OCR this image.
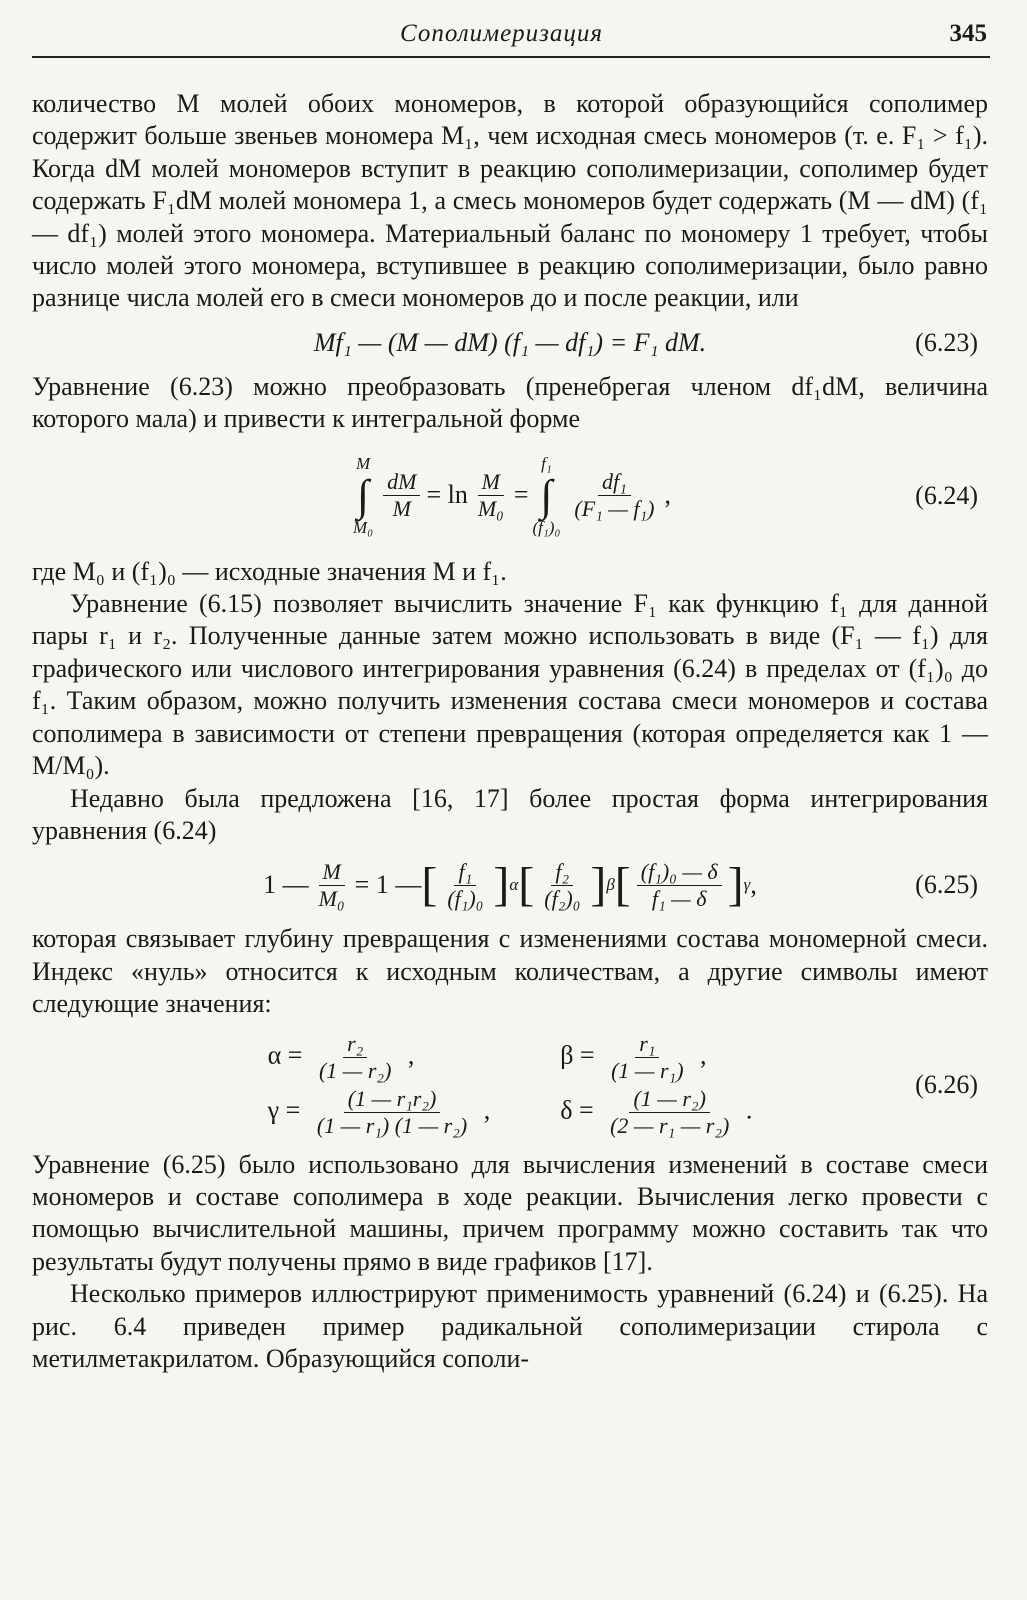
Сополимеризация	345

количество M молей обоих мономеров, в которой образующийся сополимер содержит больше звеньев мономера M₁, чем исходная смесь мономеров (т. е. F₁ > f₁). Когда dM молей мономеров вступит в реакцию сополимеризации, сополимер будет содержать F₁dM молей мономера 1, а смесь мономеров будет содержать (M — dM) (f₁ — df₁) молей этого мономера. Материальный баланс по мономеру 1 требует, чтобы число молей этого мономера, вступившее в реакцию сополимеризации, было равно разнице числа молей его в смеси мономеров до и после реакции, или

Mf₁ — (M — dM) (f₁ — df₁) = F₁ dM.	(6.23)

Уравнение (6.23) можно преобразовать (пренебрегая членом df₁dM, величина которого мала) и привести к интегральной форме

M
∫
M₀
$\frac{dM}{M} = \ln \frac{M}{\text{M₀}}$ =
f₁
∫
(f₁)₀
$\frac{\text{df₁}}{\text{(F₁ — f₁)}}$ ,	(6.24)

где M₀ и (f₁)₀ — исходные значения M и f₁.

Уравнение (6.15) позволяет вычислить значение F₁ как функцию f₁ для данной пары r₁ и r₂. Полученные данные затем можно использовать в виде (F₁ — f₁) для графического или числового интегрирования уравнения (6.24) в пределах от (f₁)₀ до f₁. Таким образом, можно получить изменения состава смеси мономеров и состава сополимера в зависимости от степени превращения (которая определяется как 1 — M/M₀).

Недавно была предложена [16, 17] более простая форма интегрирования уравнения (6.24)

1 — $\frac{M}{\text{M₀}} = 1$ — [ $\frac{\text{f₁}}{\text{(f₁)₀}}$ ] α [ $\frac{\text{f₂}}{\text{(f₂)₀}}$ ] β [ $\frac{\text{(f₁)₀ — δ}}{\text{f₁ — δ}}$ ] γ ,	(6.25)

которая связывает глубину превращения с изменениями состава мономерной смеси. Индекс «нуль» относится к исходным количествам, а другие символы имеют следующие значения:

$\alpha = \frac{\text{r₂}}{\text{(1 — r₂)}}$ ,	$\beta = \frac{\text{r₁}}{\text{(1 — r₁)}}$ ,
$\gamma = \frac{\text{(1 — r₁r₂)}}{\text{(1 — r₁) (1 — r₂)}}$ ,	$\delta = \frac{\text{(1 — r₂)}}{\text{(2 — r₁ — r₂)}}$ .
(6.26)

Уравнение (6.25) было использовано для вычисления изменений в составе смеси мономеров и составе сополимера в ходе реакции. Вычисления легко провести с помощью вычислительной машины, причем программу можно составить так что результаты будут получены прямо в виде графиков [17].

Несколько примеров иллюстрируют применимость уравнений (6.24) и (6.25). На рис. 6.4 приведен пример радикальной сополимеризации стирола с метилметакрилатом. Образующийся сополи-
